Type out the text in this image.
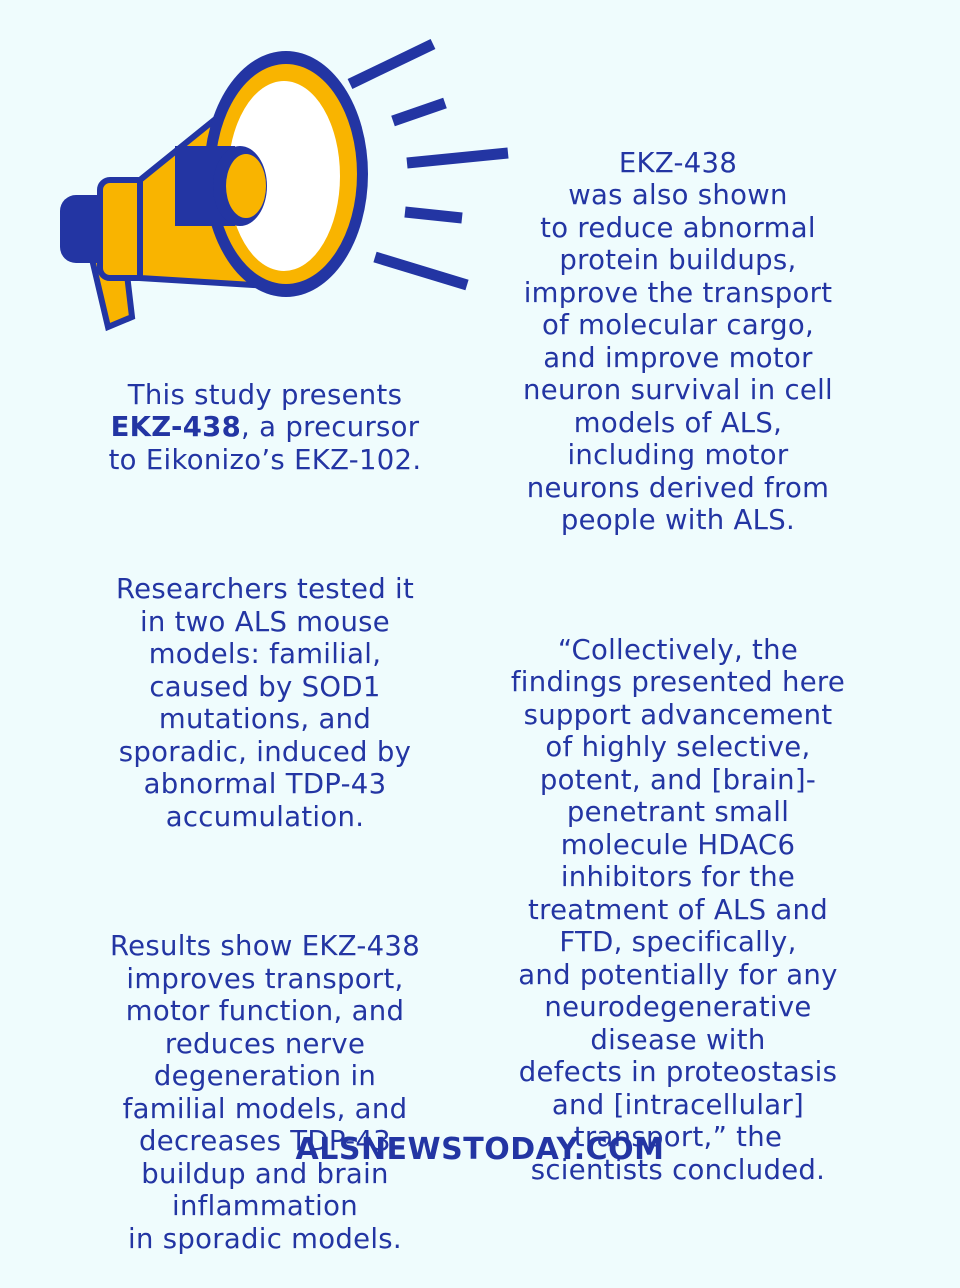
This study presents
EKZ-438, a precursor
to Eikonizo’s EKZ-102.

Researchers tested it
in two ALS mouse
models: familial,
caused by SOD1
mutations, and
sporadic, induced by
abnormal TDP-43
accumulation.

Results show EKZ-438
improves transport,
motor function, and
reduces nerve
degeneration in
familial models, and
decreases TDP-43
buildup and brain
inflammation
in sporadic models.

EKZ-438
was also shown
to reduce abnormal
protein buildups,
improve the transport
of molecular cargo,
and improve motor
neuron survival in cell
models of ALS,
including motor
neurons derived from
people with ALS.

“Collectively, the
findings presented here
support advancement
of highly selective,
potent, and [brain]-
penetrant small
molecule HDAC6
inhibitors for the
treatment of ALS and
FTD, specifically,
and potentially for any
neurodegenerative
disease with
defects in proteostasis
and [intracellular]
transport,” the
scientists concluded.

ALSNEWSTODAY.COM
